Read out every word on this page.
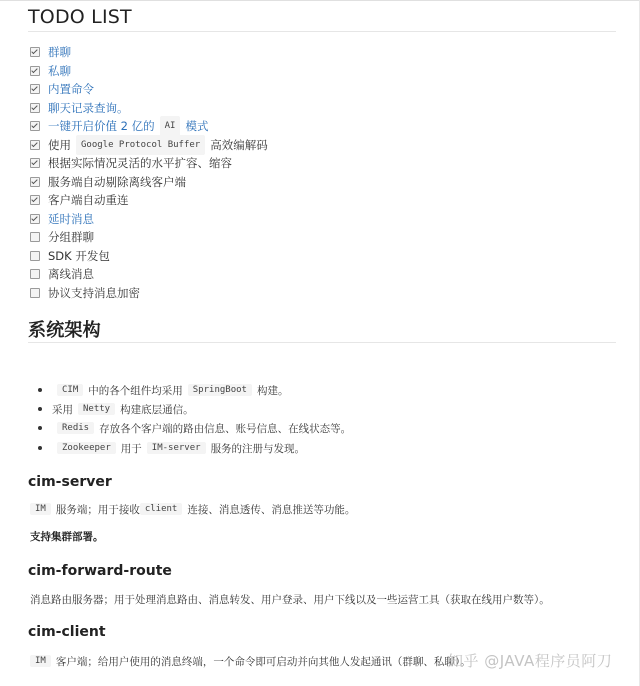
TODO LIST
群聊
私聊
内置命令
聊天记录查询。
一键开启价值 2 亿的	AI 模式
使用	Google Protocol Buffer 高效编解码
根据实际情况灵活的水平扩容、缩容
服务端自动剔除离线客户端
客户端自动重连
延时消息
分组群聊
SDK 开发包
离线消息
协议支持消息加密
系统架构
CIM 中的各个组件均采用	SpringBoot 构建。
采用	Netty 构建底层通信。
Redis 存放各个客户端的路由信息、账号信息、在线状态等。
Zookeeper 用于	IM-server 服务的注册与发现。
cim-server
IM 服务端；用于接收 client 连接、消息透传、消息推送等功能。
支持集群部署。
cim-forward-route
消息路由服务器；用于处理消息路由、消息转发、用户登录、用户下线以及一些运营工具（获取在线用户数等）。
cim-client
IM 客户端；给用户使用的消息终端，一个命令即可启动并向其他人发起通讯（群聊、私聊）。
知乎 @JAVA程序员阿刀
